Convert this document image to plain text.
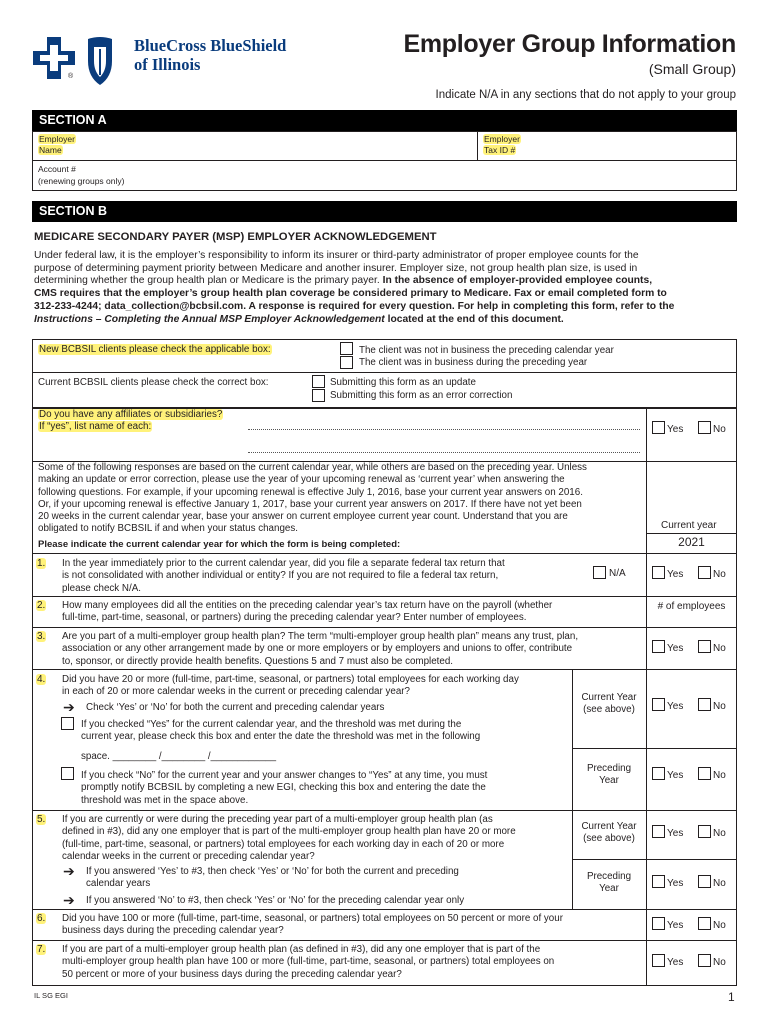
®
BlueCross BlueShield
of Illinois
Employer Group Information
(Small Group)
Indicate N/A in any sections that do not apply to your group
SECTION A
Employer
Name
Employer
Tax ID #
Account #
(renewing groups only)
SECTION B
MEDICARE SECONDARY PAYER (MSP) EMPLOYER ACKNOWLEDGEMENT
Under federal law, it is the employer’s responsibility to inform its insurer or third-party administrator of proper employee counts for the
purpose of determining payment priority between Medicare and another insurer. Employer size, not group health plan size, is used in
determining whether the group health plan or Medicare is the primary payer. In the absence of employer-provided employee counts,
CMS requires that the employer’s group health plan coverage be considered primary to Medicare. Fax or email completed form to
312-233-4244; data_collection@bcbsil.com. A response is required for every question. For help in completing this form, refer to the
Instructions – Completing the Annual MSP Employer Acknowledgement located at the end of this document.
New BCBSIL clients please check the applicable box:	The client was not in business the preceding calendar year
The client was in business during the preceding year
Current BCBSIL clients please check the correct box:	Submitting this form as an update
Submitting this form as an error correction
Do you have any affiliates or subsidiaries?
If “yes”, list name of each:	Yes	No
Some of the following responses are based on the current calendar year, while others are based on the preceding year. Unless
making an update or error correction, please use the year of your upcoming renewal as ‘current year’ when answering the
following questions. For example, if your upcoming renewal is effective July 1, 2016, base your current year answers on 2016.
Or, if your upcoming renewal is effective January 1, 2017, base your current year answers on 2017. If there have not yet been
20 weeks in the current calendar year, base your answer on current employee current year count. Understand that you are
obligated to notify BCBSIL if and when your status changes.	Current year
Please indicate the current calendar year for which the form is being completed:	2021
1. In the year immediately prior to the current calendar year, did you file a separate federal tax return that
is not consolidated with another individual or entity? If you are not required to file a federal tax return,
please check N/A.
N/A	Yes	No
2. How many employees did all the entities on the preceding calendar year’s tax return have on the payroll (whether
full-time, part-time, seasonal, or partners) during the preceding calendar year? Enter number of employees.
# of employees
3. Are you part of a multi-employer group health plan? The term “multi-employer group health plan” means any trust, plan,
association or any other arrangement made by one or more employers or by employers and unions to offer, contribute
to, sponsor, or directly provide health benefits. Questions 5 and 7 must also be completed.
Yes	No
4. Did you have 20 or more (full-time, part-time, seasonal, or partners) total employees for each working day
in each of 20 or more calendar weeks in the current or preceding calendar year?
➔ Check ‘Yes’ or ‘No’ for both the current and preceding calendar years
Current Year
(see above)	Yes	No
If you checked “Yes” for the current calendar year, and the threshold was met during the
current year, please check this box and enter the date the threshold was met in the following
space. ________ /________ /____________
Preceding
Year	Yes	No
If you check “No” for the current year and your answer changes to “Yes” at any time, you must
promptly notify BCBSIL by completing a new EGI, checking this box and entering the date the
threshold was met in the space above.
5. If you are currently or were during the preceding year part of a multi-employer group health plan (as
defined in #3), did any one employer that is part of the multi-employer group health plan have 20 or more
(full-time, part-time, seasonal, or partners) total employees for each working day in each of 20 or more
calendar weeks in the current or preceding calendar year?
Current Year
(see above)	Yes	No
➔ If you answered ‘Yes’ to #3, then check ‘Yes’ or ‘No’ for both the current and preceding
calendar years
Preceding
Year	Yes	No
➔ If you answered ‘No’ to #3, then check ‘Yes’ or ‘No’ for the preceding calendar year only
6. Did you have 100 or more (full-time, part-time, seasonal, or partners) total employees on 50 percent or more of your
business days during the preceding calendar year?	Yes	No
7. If you are part of a multi-employer group health plan (as defined in #3), did any one employer that is part of the
multi-employer group health plan have 100 or more (full-time, part-time, seasonal, or partners) total employees on
50 percent or more of your business days during the preceding calendar year?
Yes	No
IL SG EGI	1
